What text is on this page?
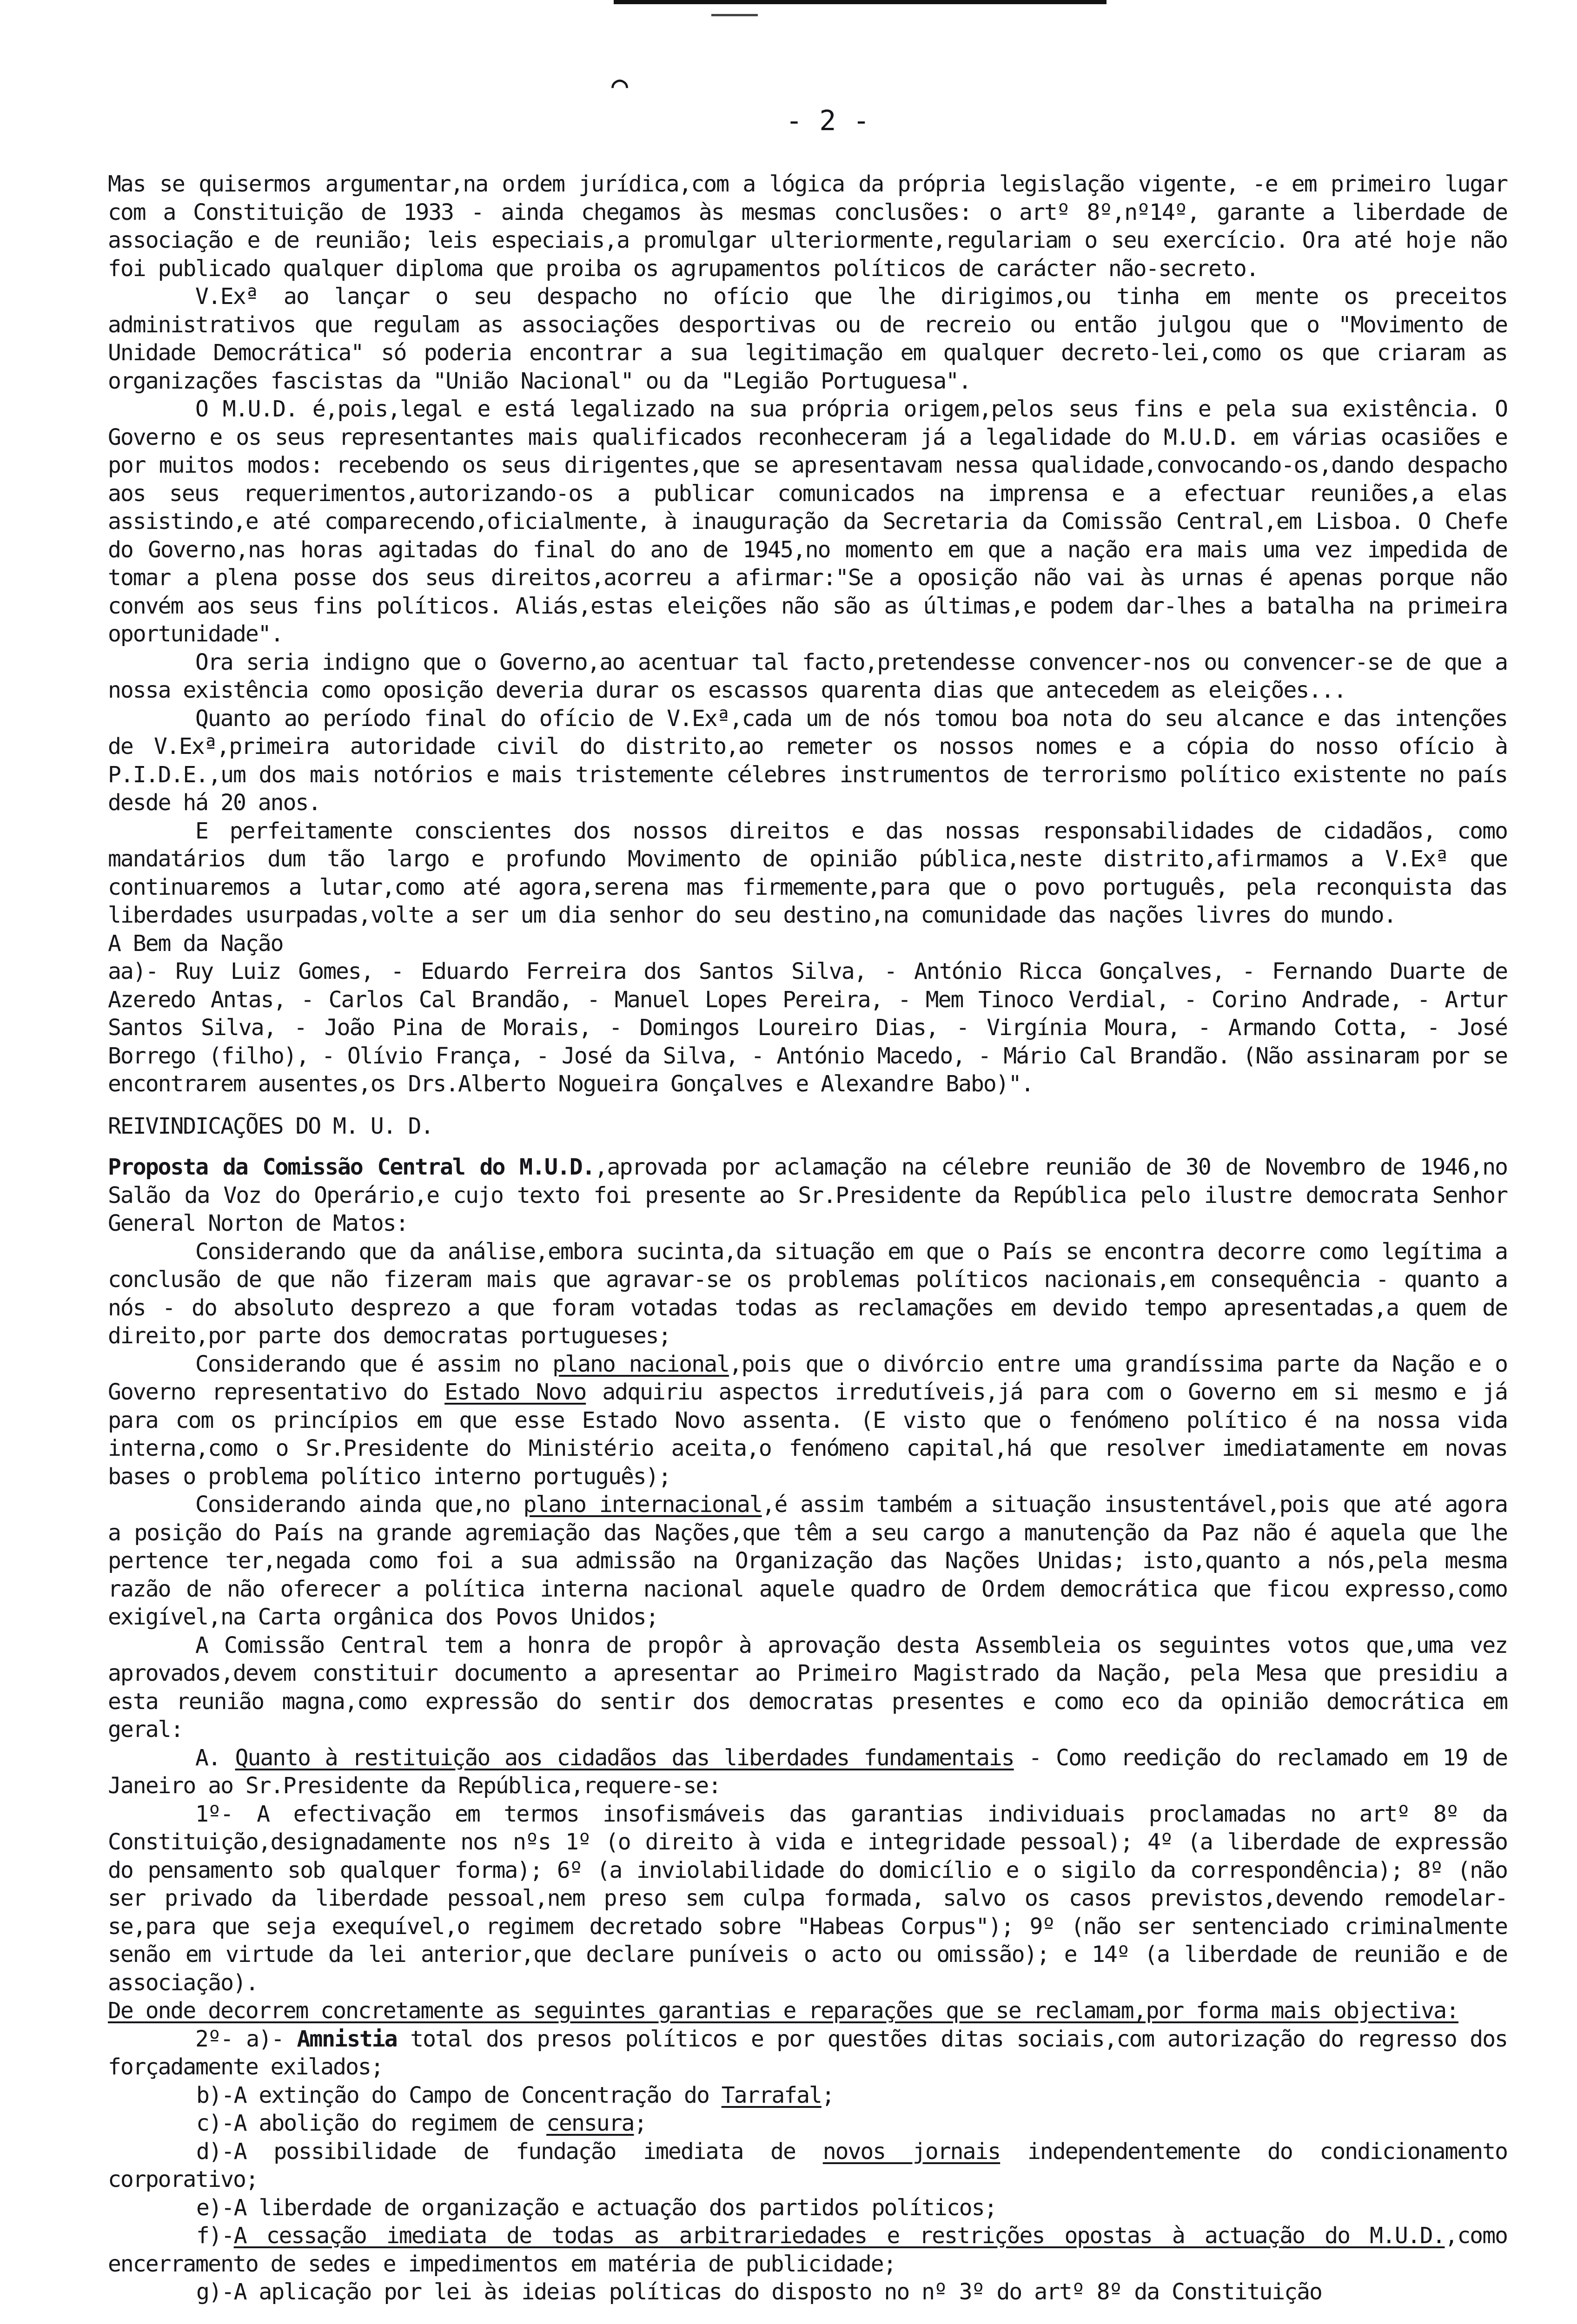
⌒
- 2 -

Mas se quisermos argumentar,na ordem jurídica,com a lógica da própria legislação vigente, -e em primeiro lugar com a Constituição de 1933 - ainda chegamos às mesmas conclusões: o artº 8º,nº14º, garante a liberdade de associação e de reunião; leis especiais,a promulgar ulteriormente,regulariam o seu exercício. Ora até hoje não foi publicado qualquer diploma que proiba os agrupamentos políticos de carácter não-secreto.

V.Exª ao lançar o seu despacho no ofício que lhe dirigimos,ou tinha em mente os preceitos administrativos que regulam as associações desportivas ou de recreio ou então julgou que o "Movimento de Unidade Democrática" só poderia encontrar a sua legitimação em qualquer decreto-lei,como os que criaram as organizações fascistas da "União Nacional" ou da "Legião Portuguesa".

O M.U.D. é,pois,legal e está legalizado na sua própria origem,pelos seus fins e pela sua existência. O Governo e os seus representantes mais qualificados reconheceram já a legalidade do M.U.D. em várias ocasiões e por muitos modos: recebendo os seus dirigentes,que se apresentavam nessa qualidade,convocando-os,dando despacho aos seus requerimentos,autorizando-os a publicar comunicados na imprensa e a efectuar reuniões,a elas assistindo,e até comparecendo,oficialmente, à inauguração da Secretaria da Comissão Central,em Lisboa. O Chefe do Governo,nas horas agitadas do final do ano de 1945,no momento em que a nação era mais uma vez impedida de tomar a plena posse dos seus direitos,acorreu a afirmar:"Se a oposição não vai às urnas é apenas porque não convém aos seus fins políticos. Aliás,estas eleições não são as últimas,e podem dar-lhes a batalha na primeira oportunidade".

Ora seria indigno que o Governo,ao acentuar tal facto,pretendesse convencer-nos ou convencer-se de que a nossa existência como oposição deveria durar os escassos quarenta dias que antecedem as eleições...

Quanto ao período final do ofício de V.Exª,cada um de nós tomou boa nota do seu alcance e das intenções de V.Exª,primeira autoridade civil do distrito,ao remeter os nossos nomes e a cópia do nosso ofício à P.I.D.E.,um dos mais notórios e mais tristemente célebres instrumentos de terrorismo político existente no país desde há 20 anos.

E perfeitamente conscientes dos nossos direitos e das nossas responsabilidades de cidadãos, como mandatários dum tão largo e profundo Movimento de opinião pública,neste distrito,afirmamos a V.Exª que continuaremos a lutar,como até agora,serena mas firmemente,para que o povo português, pela reconquista das liberdades usurpadas,volte a ser um dia senhor do seu destino,na comunidade das nações livres do mundo.

A Bem da Nação

aa)- Ruy Luiz Gomes, - Eduardo Ferreira dos Santos Silva, - António Ricca Gonçalves, - Fernando Duarte de Azeredo Antas, - Carlos Cal Brandão, - Manuel Lopes Pereira, - Mem Tinoco Verdial, - Corino Andrade, - Artur Santos Silva, - João Pina de Morais, - Domingos Loureiro Dias, - Virgínia Moura, - Armando Cotta, - José Borrego (filho), - Olívio França, - José da Silva, - António Macedo, - Mário Cal Brandão. (Não assinaram por se encontrarem ausentes,os Drs.Alberto Nogueira Gonçalves e Alexandre Babo)".

REIVINDICAÇÕES DO M. U. D.

Proposta da Comissão Central do M.U.D.,aprovada por aclamação na célebre reunião de 30 de Novembro de 1946,no Salão da Voz do Operário,e cujo texto foi presente ao Sr.Presidente da República pelo ilustre democrata Senhor General Norton de Matos:

Considerando que da análise,embora sucinta,da situação em que o País se encontra decorre como legítima a conclusão de que não fizeram mais que agravar-se os problemas políticos nacionais,em consequência - quanto a nós - do absoluto desprezo a que foram votadas todas as reclamações em devido tempo apresentadas,a quem de direito,por parte dos democratas portugueses;

Considerando que é assim no plano nacional,pois que o divórcio entre uma grandíssima parte da Nação e o Governo representativo do Estado Novo adquiriu aspectos irredutíveis,já para com o Governo em si mesmo e já para com os princípios em que esse Estado Novo assenta. (E visto que o fenómeno político é na nossa vida interna,como o Sr.Presidente do Ministério aceita,o fenómeno capital,há que resolver imediatamente em novas bases o problema político interno português);

Considerando ainda que,no plano internacional,é assim também a situação insustentável,pois que até agora a posição do País na grande agremiação das Nações,que têm a seu cargo a manutenção da Paz não é aquela que lhe pertence ter,negada como foi a sua admissão na Organização das Nações Unidas; isto,quanto a nós,pela mesma razão de não oferecer a política interna nacional aquele quadro de Ordem democrática que ficou expresso,como exigível,na Carta orgânica dos Povos Unidos;

A Comissão Central tem a honra de propôr à aprovação desta Assembleia os seguintes votos que,uma vez aprovados,devem constituir documento a apresentar ao Primeiro Magistrado da Nação, pela Mesa que presidiu a esta reunião magna,como expressão do sentir dos democratas presentes e como eco da opinião democrática em geral:

A. Quanto à restituição aos cidadãos das liberdades fundamentais - Como reedição do reclamado em 19 de Janeiro ao Sr.Presidente da República,requere-se:

1º- A efectivação em termos insofismáveis das garantias individuais proclamadas no artº 8º da Constituição,designadamente nos nºs 1º (o direito à vida e integridade pessoal); 4º (a liberdade de expressão do pensamento sob qualquer forma); 6º (a inviolabilidade do domicílio e o sigilo da correspondência); 8º (não ser privado da liberdade pessoal,nem preso sem culpa formada, salvo os casos previstos,devendo remodelar-se,para que seja exequível,o regimem decretado sobre "Habeas Corpus"); 9º (não ser sentenciado criminalmente senão em virtude da lei anterior,que declare puníveis o acto ou omissão); e 14º (a liberdade de reunião e de associação).

De onde decorrem concretamente as seguintes garantias e reparações que se reclamam,por forma mais objectiva:

2º- a)- Amnistia total dos presos políticos e por questões ditas sociais,com autorização do regresso dos forçadamente exilados;

b)-A extinção do Campo de Concentração do Tarrafal;

c)-A abolição do regimem de censura;

d)-A possibilidade de fundação imediata de novos jornais independentemente do condicionamento corporativo;

e)-A liberdade de organização e actuação dos partidos políticos;

f)-A cessação imediata de todas as arbitrariedades e restrições opostas à actuação do M.U.D.,como encerramento de sedes e impedimentos em matéria de publicidade;

g)-A aplicação por lei às ideias políticas do disposto no nº 3º do artº 8º da Constituição
